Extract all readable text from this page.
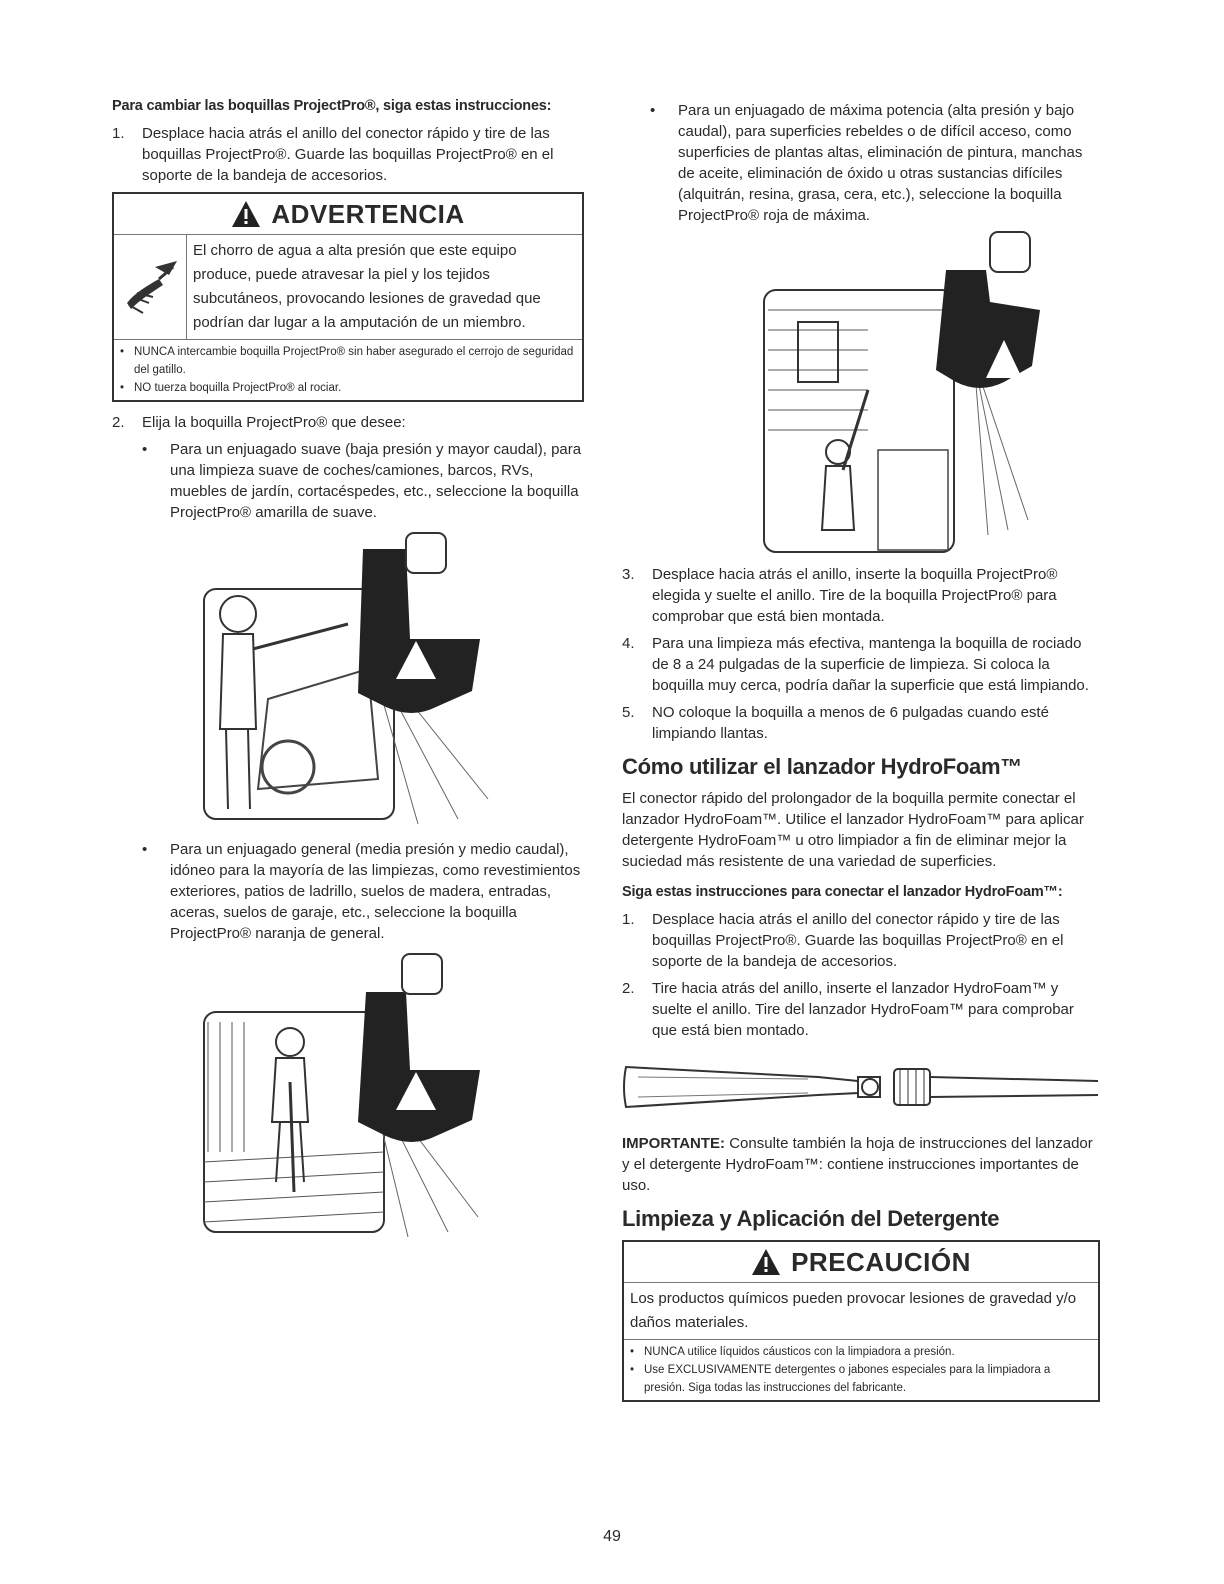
Para cambiar las boquillas ProjectPro®, siga estas instrucciones:
1.	Desplace hacia atrás el anillo del conector rápido y tire de las boquillas ProjectPro®. Guarde las boquillas ProjectPro® en el soporte de la bandeja de accesorios.
ADVERTENCIA
El chorro de agua a alta presión que este equipo produce, puede atravesar la piel y los tejidos subcutáneos, provocando lesiones de gravedad que podrían dar lugar a la amputación de un miembro.
• NUNCA intercambie boquilla ProjectPro® sin haber asegurado el cerrojo de seguridad del gatillo.
• NO tuerza boquilla ProjectPro® al rociar.
2.	Elija la boquilla ProjectPro® que desee:
•	Para un enjuagado suave (baja presión y mayor caudal), para una limpieza suave de coches/camiones, barcos, RVs, muebles de jardín, cortacéspedes, etc., seleccione la boquilla ProjectPro® amarilla de suave.
•	Para un enjuagado general (media presión y medio caudal), idóneo para la mayoría de las limpiezas, como revestimientos exteriores, patios de ladrillo, suelos de madera, entradas, aceras, suelos de garaje, etc., seleccione la boquilla ProjectPro® naranja de general.
•	Para un enjuagado de máxima potencia (alta presión y bajo caudal), para superficies rebeldes o de difícil acceso, como superficies de plantas altas, eliminación de pintura, manchas de aceite, eliminación de óxido u otras sustancias difíciles (alquitrán, resina, grasa, cera, etc.), seleccione la boquilla ProjectPro® roja de máxima.
3.	Desplace hacia atrás el anillo, inserte la boquilla ProjectPro® elegida y suelte el anillo. Tire de la boquilla ProjectPro® para comprobar que está bien montada.
4.	Para una limpieza más efectiva, mantenga la boquilla de rociado de 8 a 24 pulgadas de la superficie de limpieza. Si coloca la boquilla muy cerca, podría dañar la superficie que está limpiando.
5.	NO coloque la boquilla a menos de 6 pulgadas cuando esté limpiando llantas.
Cómo utilizar el lanzador HydroFoam™
El conector rápido del prolongador de la boquilla permite conectar el lanzador HydroFoam™. Utilice el lanzador HydroFoam™ para aplicar detergente HydroFoam™ u otro limpiador a fin de eliminar mejor la suciedad más resistente de una variedad de superficies.
Siga estas instrucciones para conectar el lanzador HydroFoam™:
1.	Desplace hacia atrás el anillo del conector rápido y tire de las boquillas ProjectPro®. Guarde las boquillas ProjectPro® en el soporte de la bandeja de accesorios.
2.	Tire hacia atrás del anillo, inserte el lanzador HydroFoam™ y suelte el anillo. Tire del lanzador HydroFoam™ para comprobar que está bien montado.
IMPORTANTE: Consulte también la hoja de instrucciones del lanzador y el detergente HydroFoam™: contiene instrucciones importantes de uso.
Limpieza y Aplicación del Detergente
PRECAUCIÓN
Los productos químicos pueden provocar lesiones de gravedad y/o daños materiales.
• NUNCA utilice líquidos cáusticos con la limpiadora a presión.
• Use EXCLUSIVAMENTE detergentes o jabones especiales para la limpiadora a presión. Siga todas las instrucciones del fabricante.
49
